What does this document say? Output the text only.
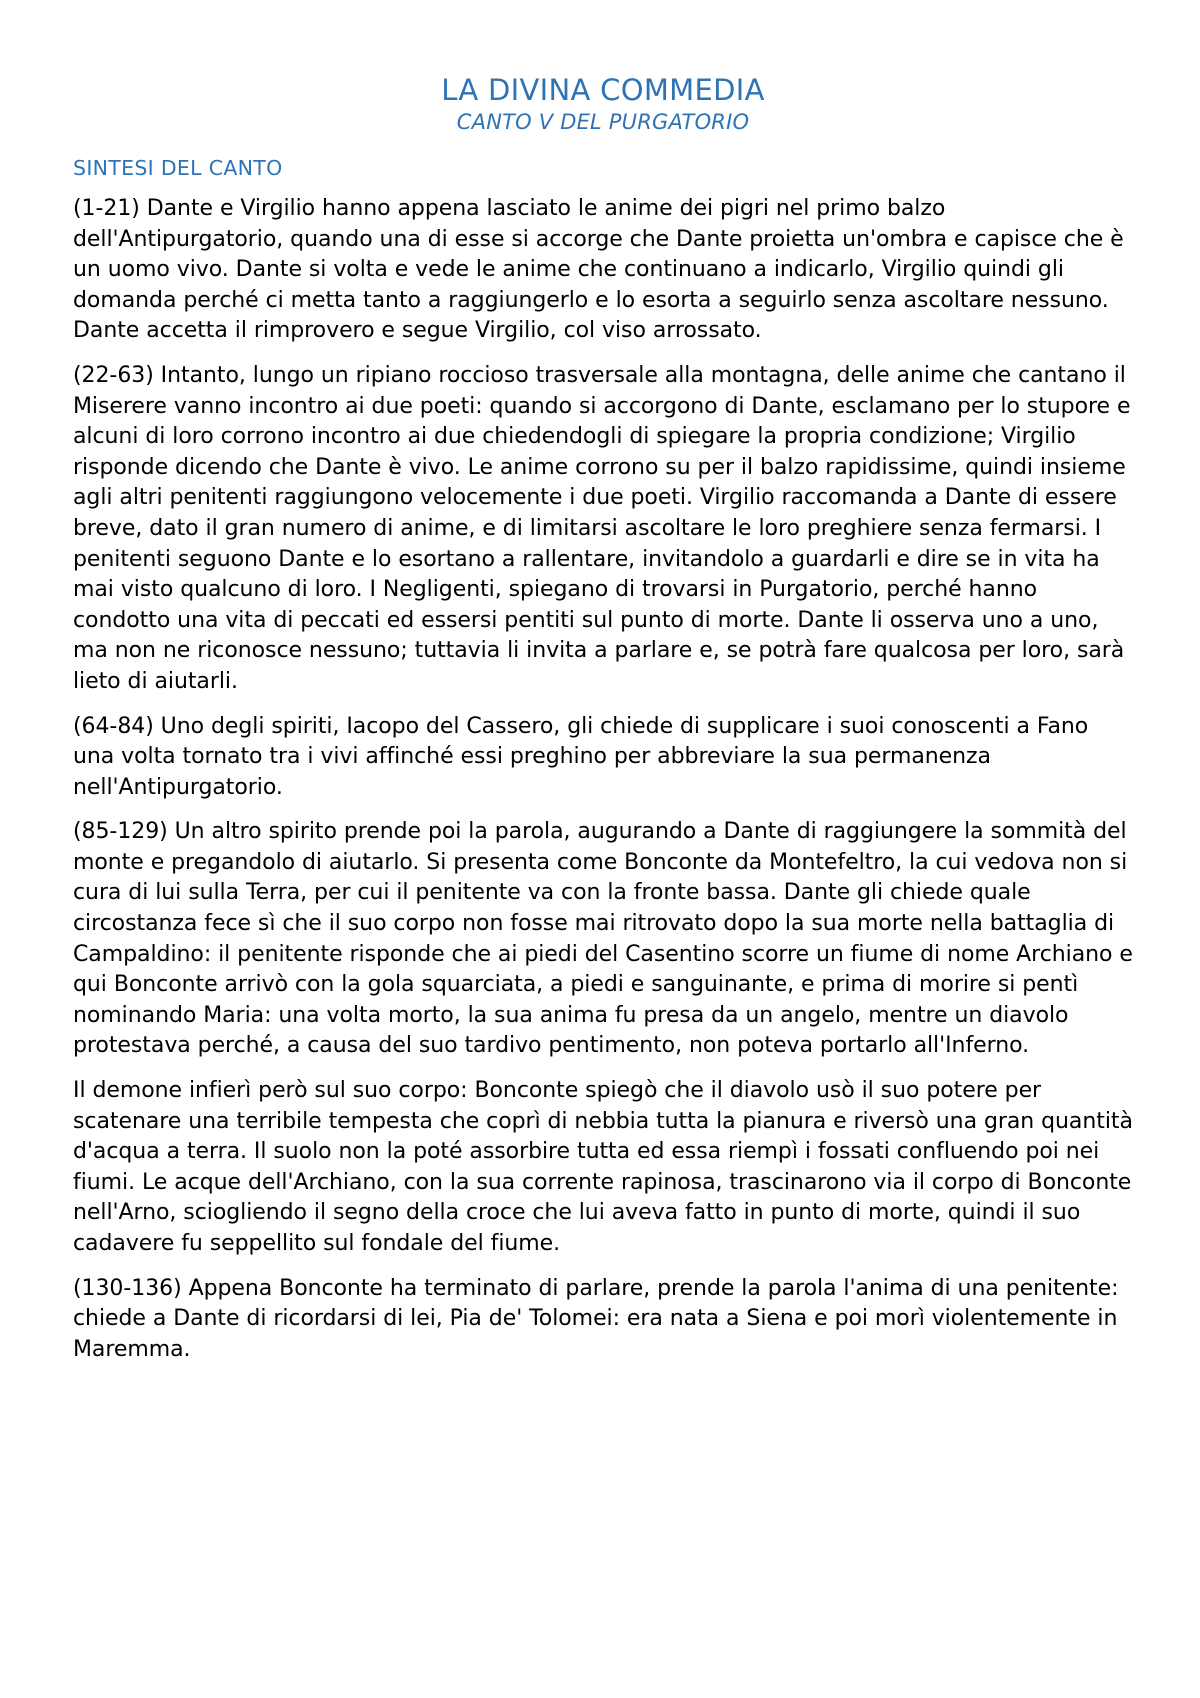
LA DIVINA COMMEDIA
CANTO V DEL PURGATORIO
SINTESI DEL CANTO

(1-21) Dante e Virgilio hanno appena lasciato le anime dei pigri nel primo balzo dell'Antipurgatorio, quando una di esse si accorge che Dante proietta un'ombra e capisce che è un uomo vivo. Dante si volta e vede le anime che continuano a indicarlo, Virgilio quindi gli domanda perché ci metta tanto a raggiungerlo e lo esorta a seguirlo senza ascoltare nessuno. Dante accetta il rimprovero e segue Virgilio, col viso arrossato.

(22-63) Intanto, lungo un ripiano roccioso trasversale alla montagna, delle anime che cantano il Miserere vanno incontro ai due poeti: quando si accorgono di Dante, esclamano per lo stupore e alcuni di loro corrono incontro ai due chiedendogli di spiegare la propria condizione; Virgilio risponde dicendo che Dante è vivo. Le anime corrono su per il balzo rapidissime, quindi insieme agli altri penitenti raggiungono velocemente i due poeti. Virgilio raccomanda a Dante di essere breve, dato il gran numero di anime, e di limitarsi ascoltare le loro preghiere senza fermarsi. I penitenti seguono Dante e lo esortano a rallentare, invitandolo a guardarli e dire se in vita ha mai visto qualcuno di loro. I Negligenti, spiegano di trovarsi in Purgatorio, perché hanno condotto una vita di peccati ed essersi pentiti sul punto di morte. Dante li osserva uno a uno, ma non ne riconosce nessuno; tuttavia li invita a parlare e, se potrà fare qualcosa per loro, sarà lieto di aiutarli.

(64-84) Uno degli spiriti, Iacopo del Cassero, gli chiede di supplicare i suoi conoscenti a Fano una volta tornato tra i vivi affinché essi preghino per abbreviare la sua permanenza nell'Antipurgatorio.

(85-129) Un altro spirito prende poi la parola, augurando a Dante di raggiungere la sommità del monte e pregandolo di aiutarlo. Si presenta come Bonconte da Montefeltro, la cui vedova non si cura di lui sulla Terra, per cui il penitente va con la fronte bassa. Dante gli chiede quale circostanza fece sì che il suo corpo non fosse mai ritrovato dopo la sua morte nella battaglia di Campaldino: il penitente risponde che ai piedi del Casentino scorre un fiume di nome Archiano e qui Bonconte arrivò con la gola squarciata, a piedi e sanguinante, e prima di morire si pentì nominando Maria: una volta morto, la sua anima fu presa da un angelo, mentre un diavolo protestava perché, a causa del suo tardivo pentimento, non poteva portarlo all'Inferno.

Il demone infierì però sul suo corpo: Bonconte spiegò che il diavolo usò il suo potere per scatenare una terribile tempesta che coprì di nebbia tutta la pianura e riversò una gran quantità d'acqua a terra. Il suolo non la poté assorbire tutta ed essa riempì i fossati confluendo poi nei fiumi. Le acque dell'Archiano, con la sua corrente rapinosa, trascinarono via il corpo di Bonconte nell'Arno, sciogliendo il segno della croce che lui aveva fatto in punto di morte, quindi il suo cadavere fu seppellito sul fondale del fiume.

(130-136) Appena Bonconte ha terminato di parlare, prende la parola l'anima di una penitente: chiede a Dante di ricordarsi di lei, Pia de' Tolomei: era nata a Siena e poi morì violentemente in Maremma.
